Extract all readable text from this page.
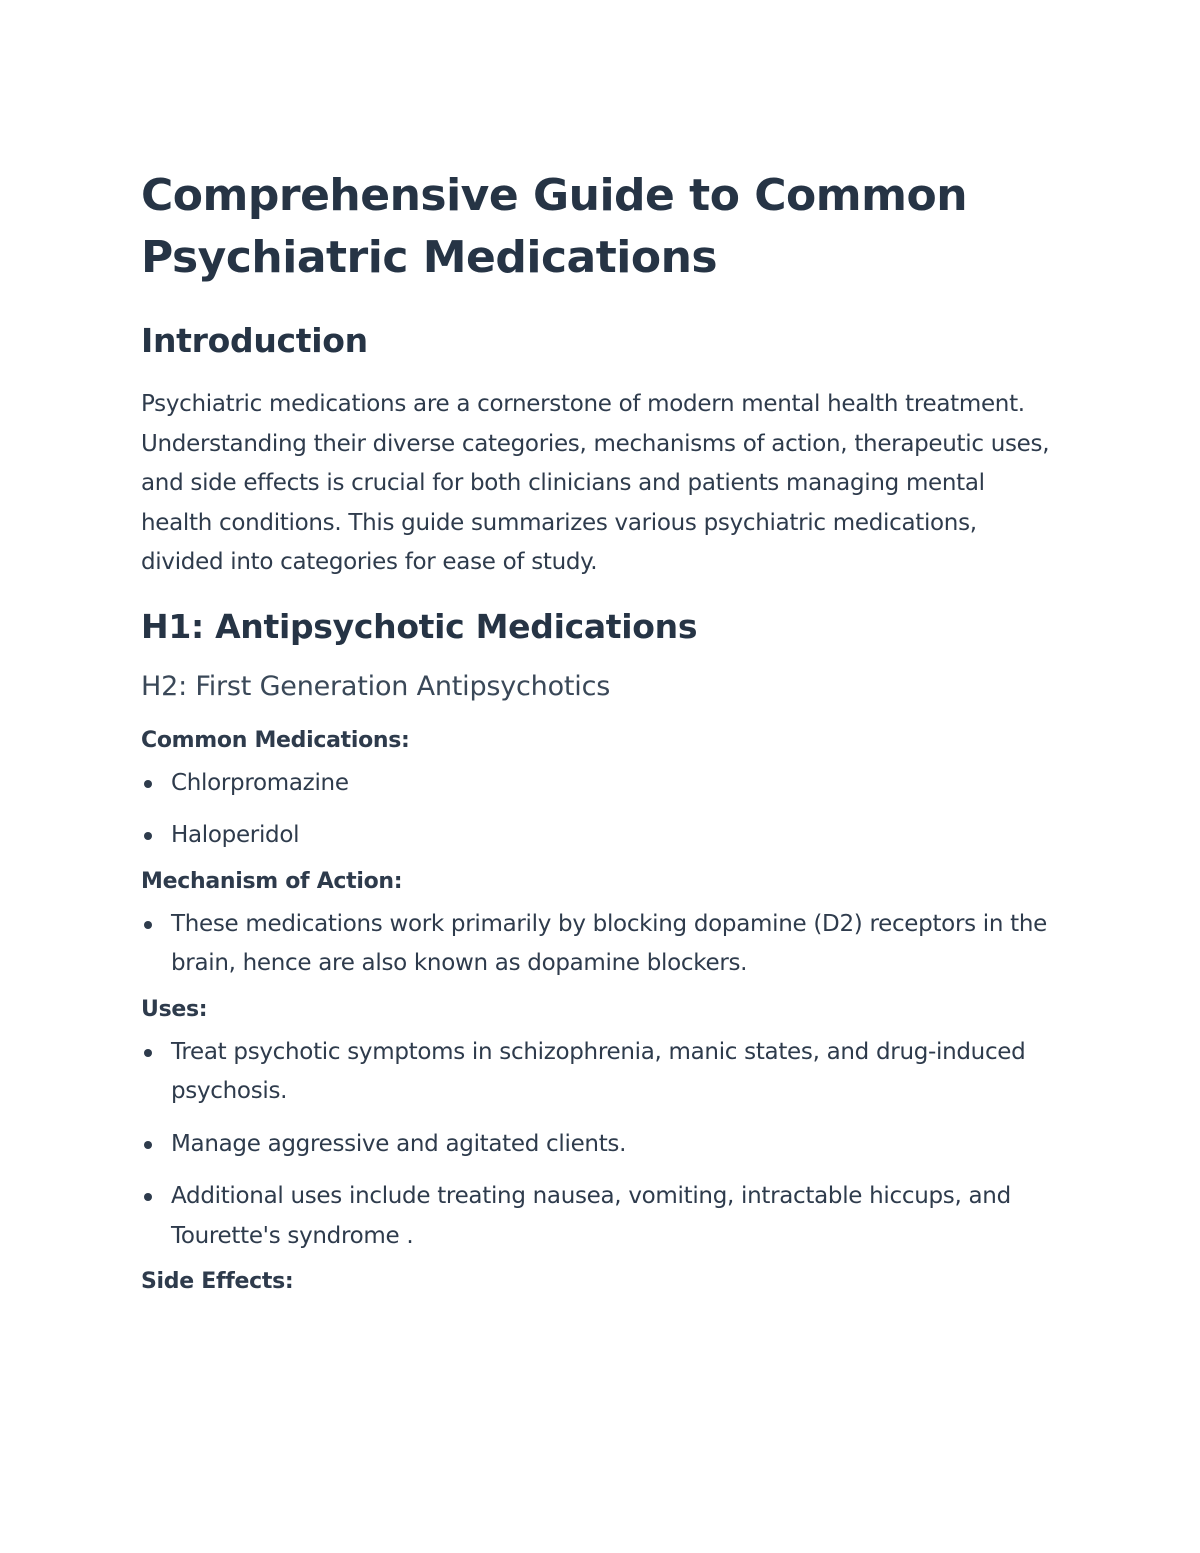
Comprehensive Guide to Common Psychiatric Medications
Introduction

Psychiatric medications are a cornerstone of modern mental health treatment. Understanding their diverse categories, mechanisms of action, therapeutic uses, and side effects is crucial for both clinicians and patients managing mental health conditions. This guide summarizes various psychiatric medications, divided into categories for ease of study.

H1: Antipsychotic Medications
H2: First Generation Antipsychotics
Common Medications:
Chlorpromazine
Haloperidol
Mechanism of Action:
These medications work primarily by blocking dopamine (D2) receptors in the brain, hence are also known as dopamine blockers.
Uses:
Treat psychotic symptoms in schizophrenia, manic states, and drug-induced psychosis.
Manage aggressive and agitated clients.
Additional uses include treating nausea, vomiting, intractable hiccups, and Tourette's syndrome .
Side Effects:
